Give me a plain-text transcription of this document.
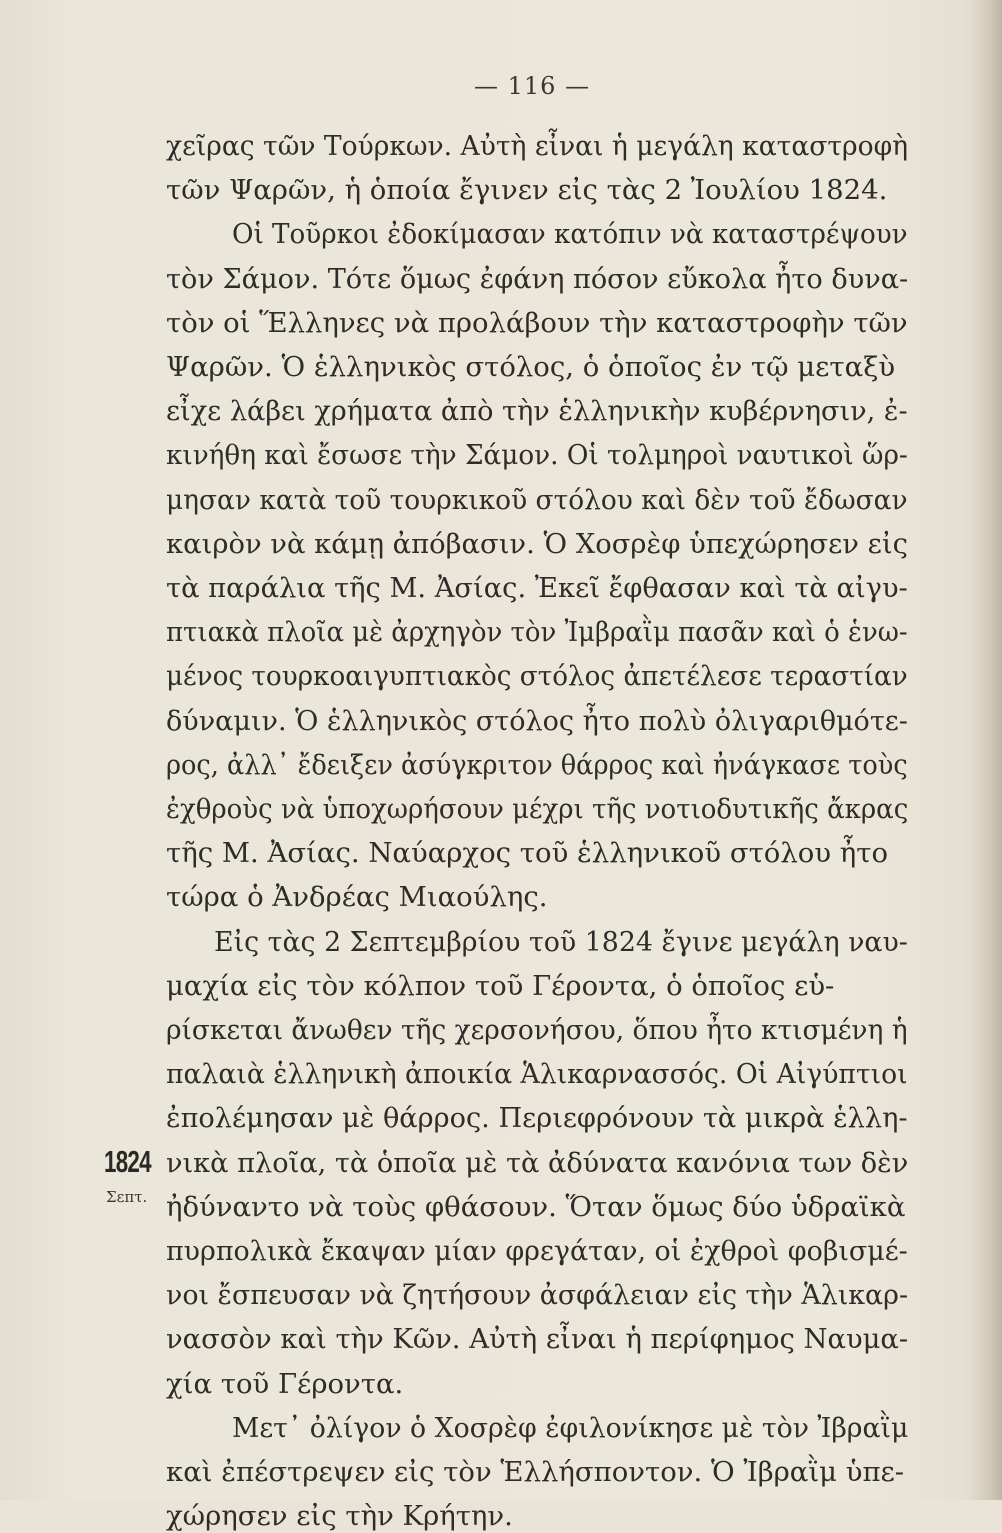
— 116 —
χεῖρας τῶν Τούρκων. Αὐτὴ εἶναι ἡ μεγάλη καταστροφὴ
τῶν Ψαρῶν, ἡ ὁποία ἔγινεν εἰς τὰς 2 Ἰουλίου 1824.
Οἱ Τοῦρκοι ἐδοκίμασαν κατόπιν νὰ καταστρέψουν
τὸν Σάμον. Τότε ὅμως ἐφάνη πόσον εὔκολα ἦτο δυνα-
τὸν οἱ Ἕλληνες νὰ προλάβουν τὴν καταστροφὴν τῶν
Ψαρῶν. Ὁ ἑλληνικὸς στόλος, ὁ ὁποῖος ἐν τῷ μεταξὺ
εἶχε λάβει χρήματα ἀπὸ τὴν ἑλληνικὴν κυβέρνησιν, ἐ-
κινήθη καὶ ἔσωσε τὴν Σάμον. Οἱ τολμηροὶ ναυτικοὶ ὥρ-
μησαν κατὰ τοῦ τουρκικοῦ στόλου καὶ δὲν τοῦ ἔδωσαν
καιρὸν νὰ κάμῃ ἀπόβασιν. Ὁ Χοσρὲφ ὑπεχώρησεν εἰς
τὰ παράλια τῆς Μ. Ἀσίας. Ἐκεῖ ἔφθασαν καὶ τὰ αἰγυ-
πτιακὰ πλοῖα μὲ ἀρχηγὸν τὸν Ἰμβραῒμ πασᾶν καὶ ὁ ἑνω-
μένος τουρκοαιγυπτιακὸς στόλος ἀπετέλεσε τεραστίαν
δύναμιν. Ὁ ἑλληνικὸς στόλος ἦτο πολὺ ὀλιγαριθμότε-
ρος, ἀλλ᾽ ἔδειξεν ἀσύγκριτον θάρρος καὶ ἠνάγκασε τοὺς
ἐχθροὺς νὰ ὑποχωρήσουν μέχρι τῆς νοτιοδυτικῆς ἄκρας
τῆς Μ. Ἀσίας. Ναύαρχος τοῦ ἑλληνικοῦ στόλου ἦτο
τώρα ὁ Ἀνδρέας Μιαούλης.
Εἰς τὰς 2 Σεπτεμβρίου τοῦ 1824 ἔγινε μεγάλη ναυ-
μαχία εἰς τὸν κόλπον τοῦ Γέροντα, ὁ ὁποῖος εὑ-
ρίσκεται ἄνωθεν τῆς χερσονήσου, ὅπου ἦτο κτισμένη ἡ
παλαιὰ ἑλληνικὴ ἀποικία Ἁλικαρνασσός. Οἱ Αἰγύπτιοι
ἐπολέμησαν μὲ θάρρος. Περιεφρόνουν τὰ μικρὰ ἑλλη-
νικὰ πλοῖα, τὰ ὁποῖα μὲ τὰ ἀδύνατα κανόνια των δὲν
ἠδύναντο νὰ τοὺς φθάσουν. Ὅταν ὅμως δύο ὑδραϊκὰ
πυρπολικὰ ἔκαψαν μίαν φρεγάταν, οἱ ἐχθροὶ φοβισμέ-
νοι ἔσπευσαν νὰ ζητήσουν ἀσφάλειαν εἰς τὴν Ἁλικαρ-
νασσὸν καὶ τὴν Κῶν. Αὐτὴ εἶναι ἡ περίφημος Ναυμα-
χία τοῦ Γέροντα.
Μετ᾽ ὀλίγον ὁ Χοσρὲφ ἐφιλονίκησε μὲ τὸν Ἰβραῒμ
καὶ ἐπέστρεψεν εἰς τὸν Ἑλλήσποντον. Ὁ Ἰβραῒμ ὑπε-
χώρησεν εἰς τὴν Κρήτην.
1824
Σεπτ.
